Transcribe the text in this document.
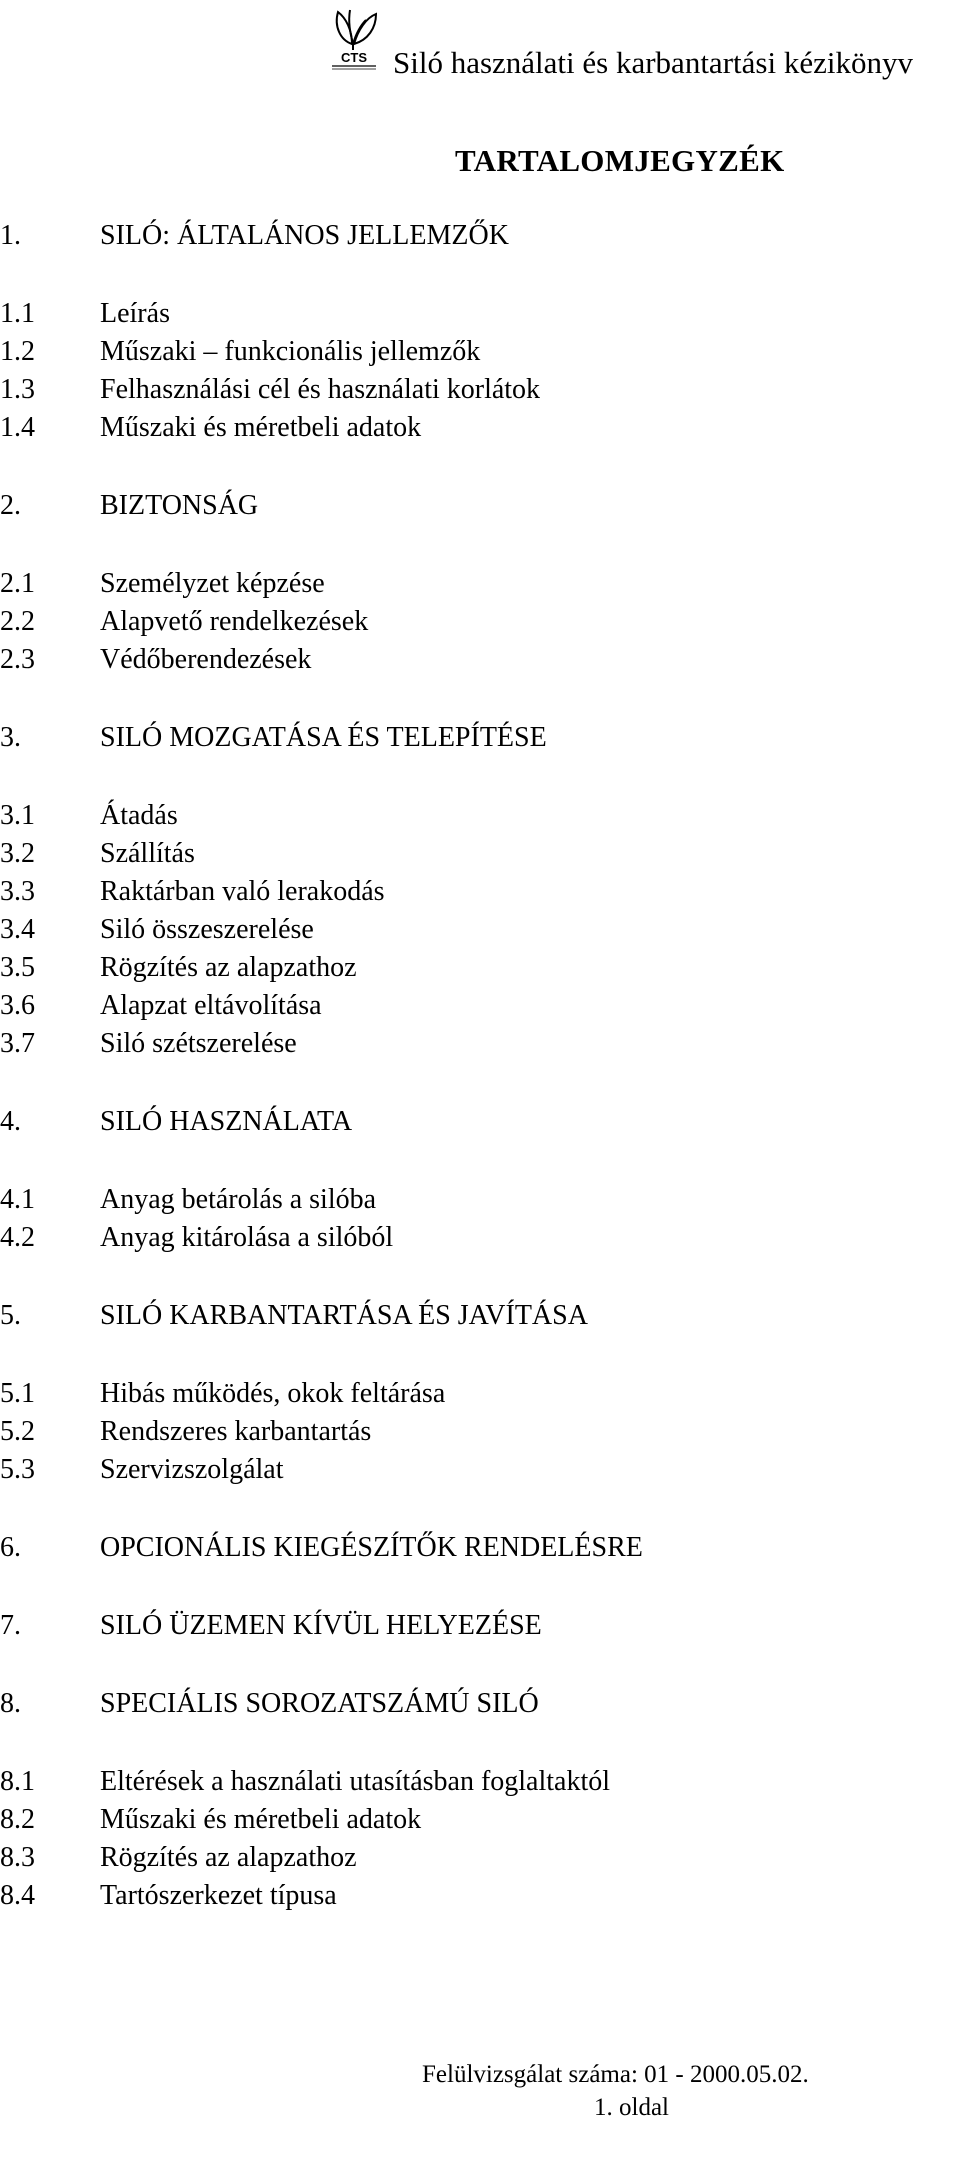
CTS Siló használati és karbantartási kézikönyv
TARTALOMJEGYZÉK
1.	SILÓ: ÁLTALÁNOS JELLEMZŐK
1.1 Leírás
1.2 Műszaki – funkcionális jellemzők
1.3 Felhasználási cél és használati korlátok
1.4 Műszaki és méretbeli adatok
2.	BIZTONSÁG
2.1 Személyzet képzése
2.2 Alapvető rendelkezések
2.3 Védőberendezések
3.	SILÓ MOZGATÁSA ÉS TELEPÍTÉSE
3.1 Átadás
3.2 Szállítás
3.3 Raktárban való lerakodás
3.4 Siló összeszerelése
3.5 Rögzítés az alapzathoz
3.6 Alapzat eltávolítása
3.7 Siló szétszerelése
4.	SILÓ HASZNÁLATA
4.1 Anyag betárolás a silóba
4.2 Anyag kitárolása a silóból
5.	SILÓ KARBANTARTÁSA ÉS JAVÍTÁSA
5.1 Hibás működés, okok feltárása
5.2 Rendszeres karbantartás
5.3 Szervizszolgálat
6.	OPCIONÁLIS KIEGÉSZÍTŐK RENDELÉSRE
7.	SILÓ ÜZEMEN KÍVÜL HELYEZÉSE
8.	SPECIÁLIS SOROZATSZÁMÚ SILÓ
8.1 Eltérések a használati utasításban foglaltaktól
8.2 Műszaki és méretbeli adatok
8.3 Rögzítés az alapzathoz
8.4 Tartószerkezet típusa
Felülvizsgálat száma: 01 - 2000.05.02.
1. oldal
